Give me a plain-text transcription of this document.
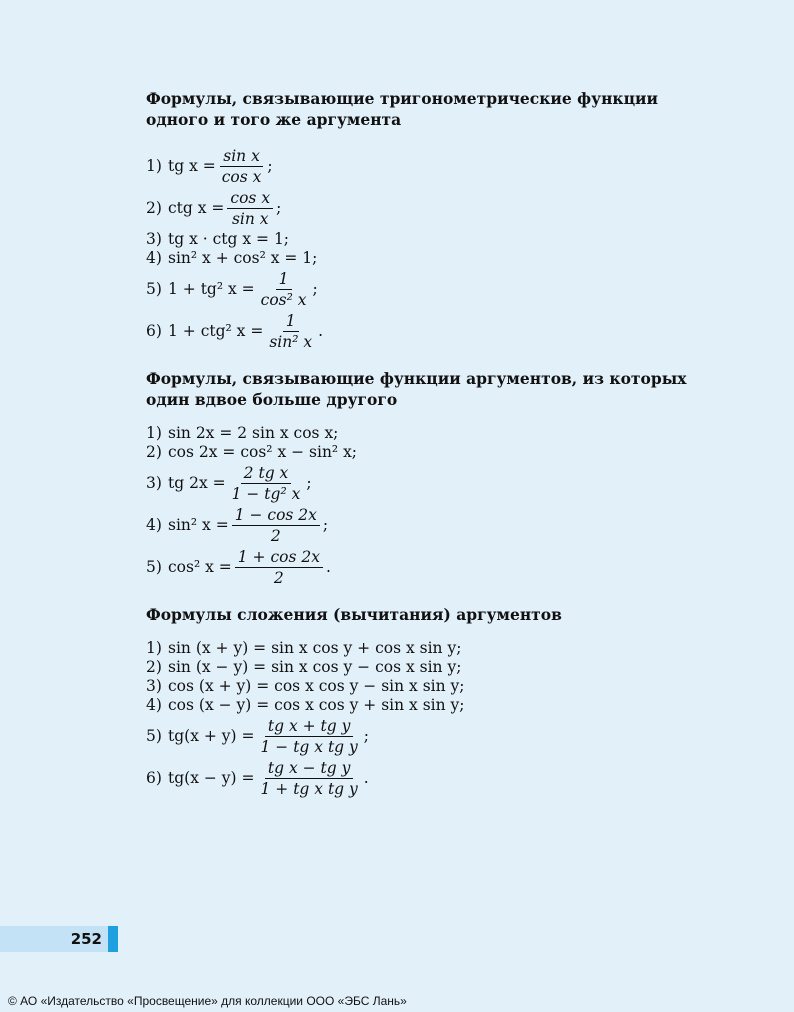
Формулы, связывающие тригонометрические функции одного и того же аргумента
1) tg $x = \frac{\text{sin x}}{\text{cos x}}$ ;
2) ctg $x = \frac{\text{cos x}}{\text{sin x}}$ ;
3) tg x · ctg x = 1;
4) sin² x + cos² x = 1;
5) 1 + tg² $x = \frac{1}{\text{cos² x}}$ ;
6) 1 + ctg² $x = \frac{1}{\text{sin² x}}$ .
Формулы, связывающие функции аргументов, из которых один вдвое больше другого
1) sin 2x = 2 sin x cos x;
2) cos 2x = cos² x − sin² x;
3) tg $2x = \frac{\text{2 tg x}}{\text{1 − tg² x}}$ ;
4) sin² $x = \frac{1 - \cos 2x}{2}$ ;
5) cos² $x = \frac{1 + \cos 2x}{2}$ .
Формулы сложения (вычитания) аргументов
1) sin (x + y) = sin x cos y + cos x sin y;
2) sin (x − y) = sin x cos y − cos x sin y;
3) cos (x + y) = cos x cos y − sin x sin y;
4) cos (x − y) = cos x cos y + sin x sin y;
5) $tg(x + y) = \frac{\text{tg x + tg y}}{\text{1 − tg x tg y}}$ ;
6) $tg(x - y) = \frac{\text{tg x − tg y}}{\text{1 + tg x tg y}}$ .
252
© АО «Издательство «Просвещение» для коллекции ООО «ЭБС Лань»
